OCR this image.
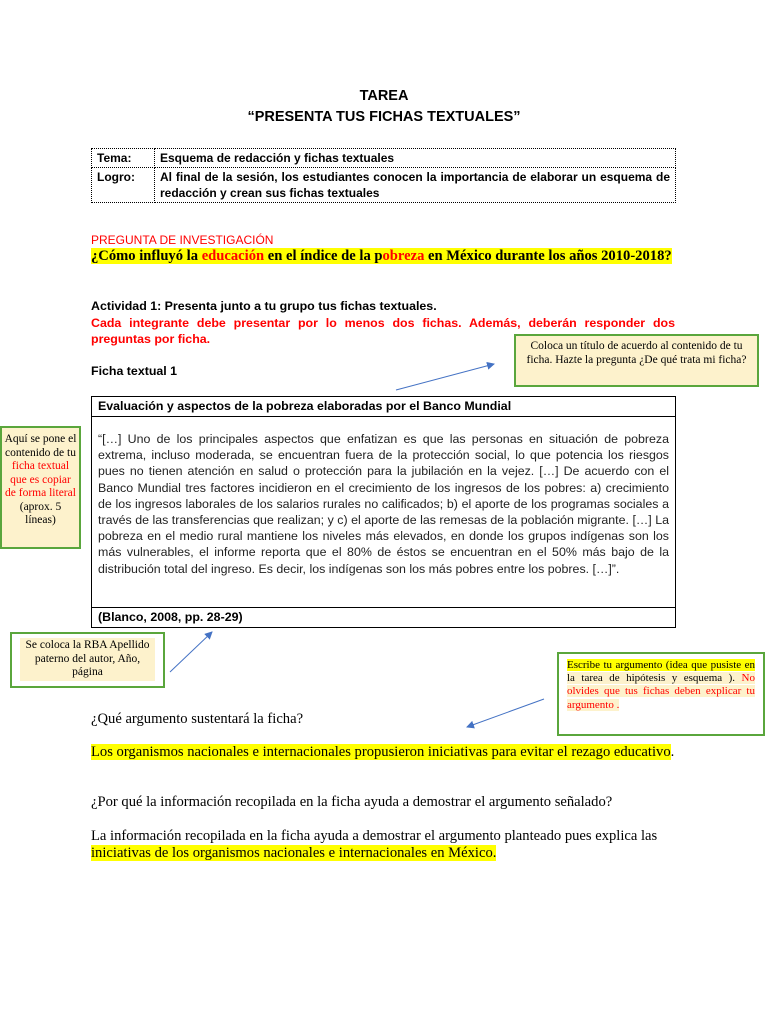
TAREA
“PRESENTA TUS FICHAS TEXTUALES”
Tema:	Esquema de redacción y fichas textuales
Logro:	Al final de la sesión, los estudiantes conocen la importancia de elaborar un esquema de redacción y crean sus fichas textuales
PREGUNTA DE INVESTIGACIÓN
¿Cómo influyó la educación en el índice de la pobreza en México durante los años 2010-2018?
Actividad 1: Presenta junto a tu grupo tus fichas textuales.
Cada integrante debe presentar por lo menos dos fichas. Además, deberán responder dos preguntas por ficha.
Ficha textual 1
Evaluación y aspectos de la pobreza elaboradas por el Banco Mundial
“[…] Uno de los principales aspectos que enfatizan es que las personas en situación de pobreza extrema, incluso moderada, se encuentran fuera de la protección social, lo que potencia los riesgos pues no tienen atención en salud o protección para la jubilación en la vejez. […] De acuerdo con el Banco Mundial tres factores incidieron en el crecimiento de los ingresos de los pobres: a) crecimiento de los ingresos laborales de los salarios rurales no calificados; b) el aporte de los programas sociales a través de las transferencias que realizan; y c) el aporte de las remesas de la población migrante. […] La pobreza en el medio rural mantiene los niveles más elevados, en donde los grupos indígenas son los más vulnerables, el informe reporta que el 80% de éstos se encuentran en el 50% más bajo de la distribución total del ingreso. Es decir, los indígenas son los más pobres entre los pobres. […]”.
(Blanco, 2008, pp. 28-29)
Coloca un título de acuerdo al contenido de tu ficha. Hazte la pregunta ¿De qué trata mi ficha?
Aquí se pone el contenido de tu ficha textual que es copiar de forma literal (aprox. 5 líneas)
Se coloca la RBA Apellido paterno del autor, Año, página
Escribe tu argumento (idea que pusiste en la tarea de hipótesis y esquema ). No olvides que tus fichas deben explicar tu argumento .
¿Qué argumento sustentará la ficha?
Los organismos nacionales e internacionales propusieron iniciativas para evitar el rezago educativo.
¿Por qué la información recopilada en la ficha ayuda a demostrar el argumento señalado?
La información recopilada en la ficha ayuda a demostrar el argumento planteado pues explica las iniciativas de los organismos nacionales e internacionales en México.
